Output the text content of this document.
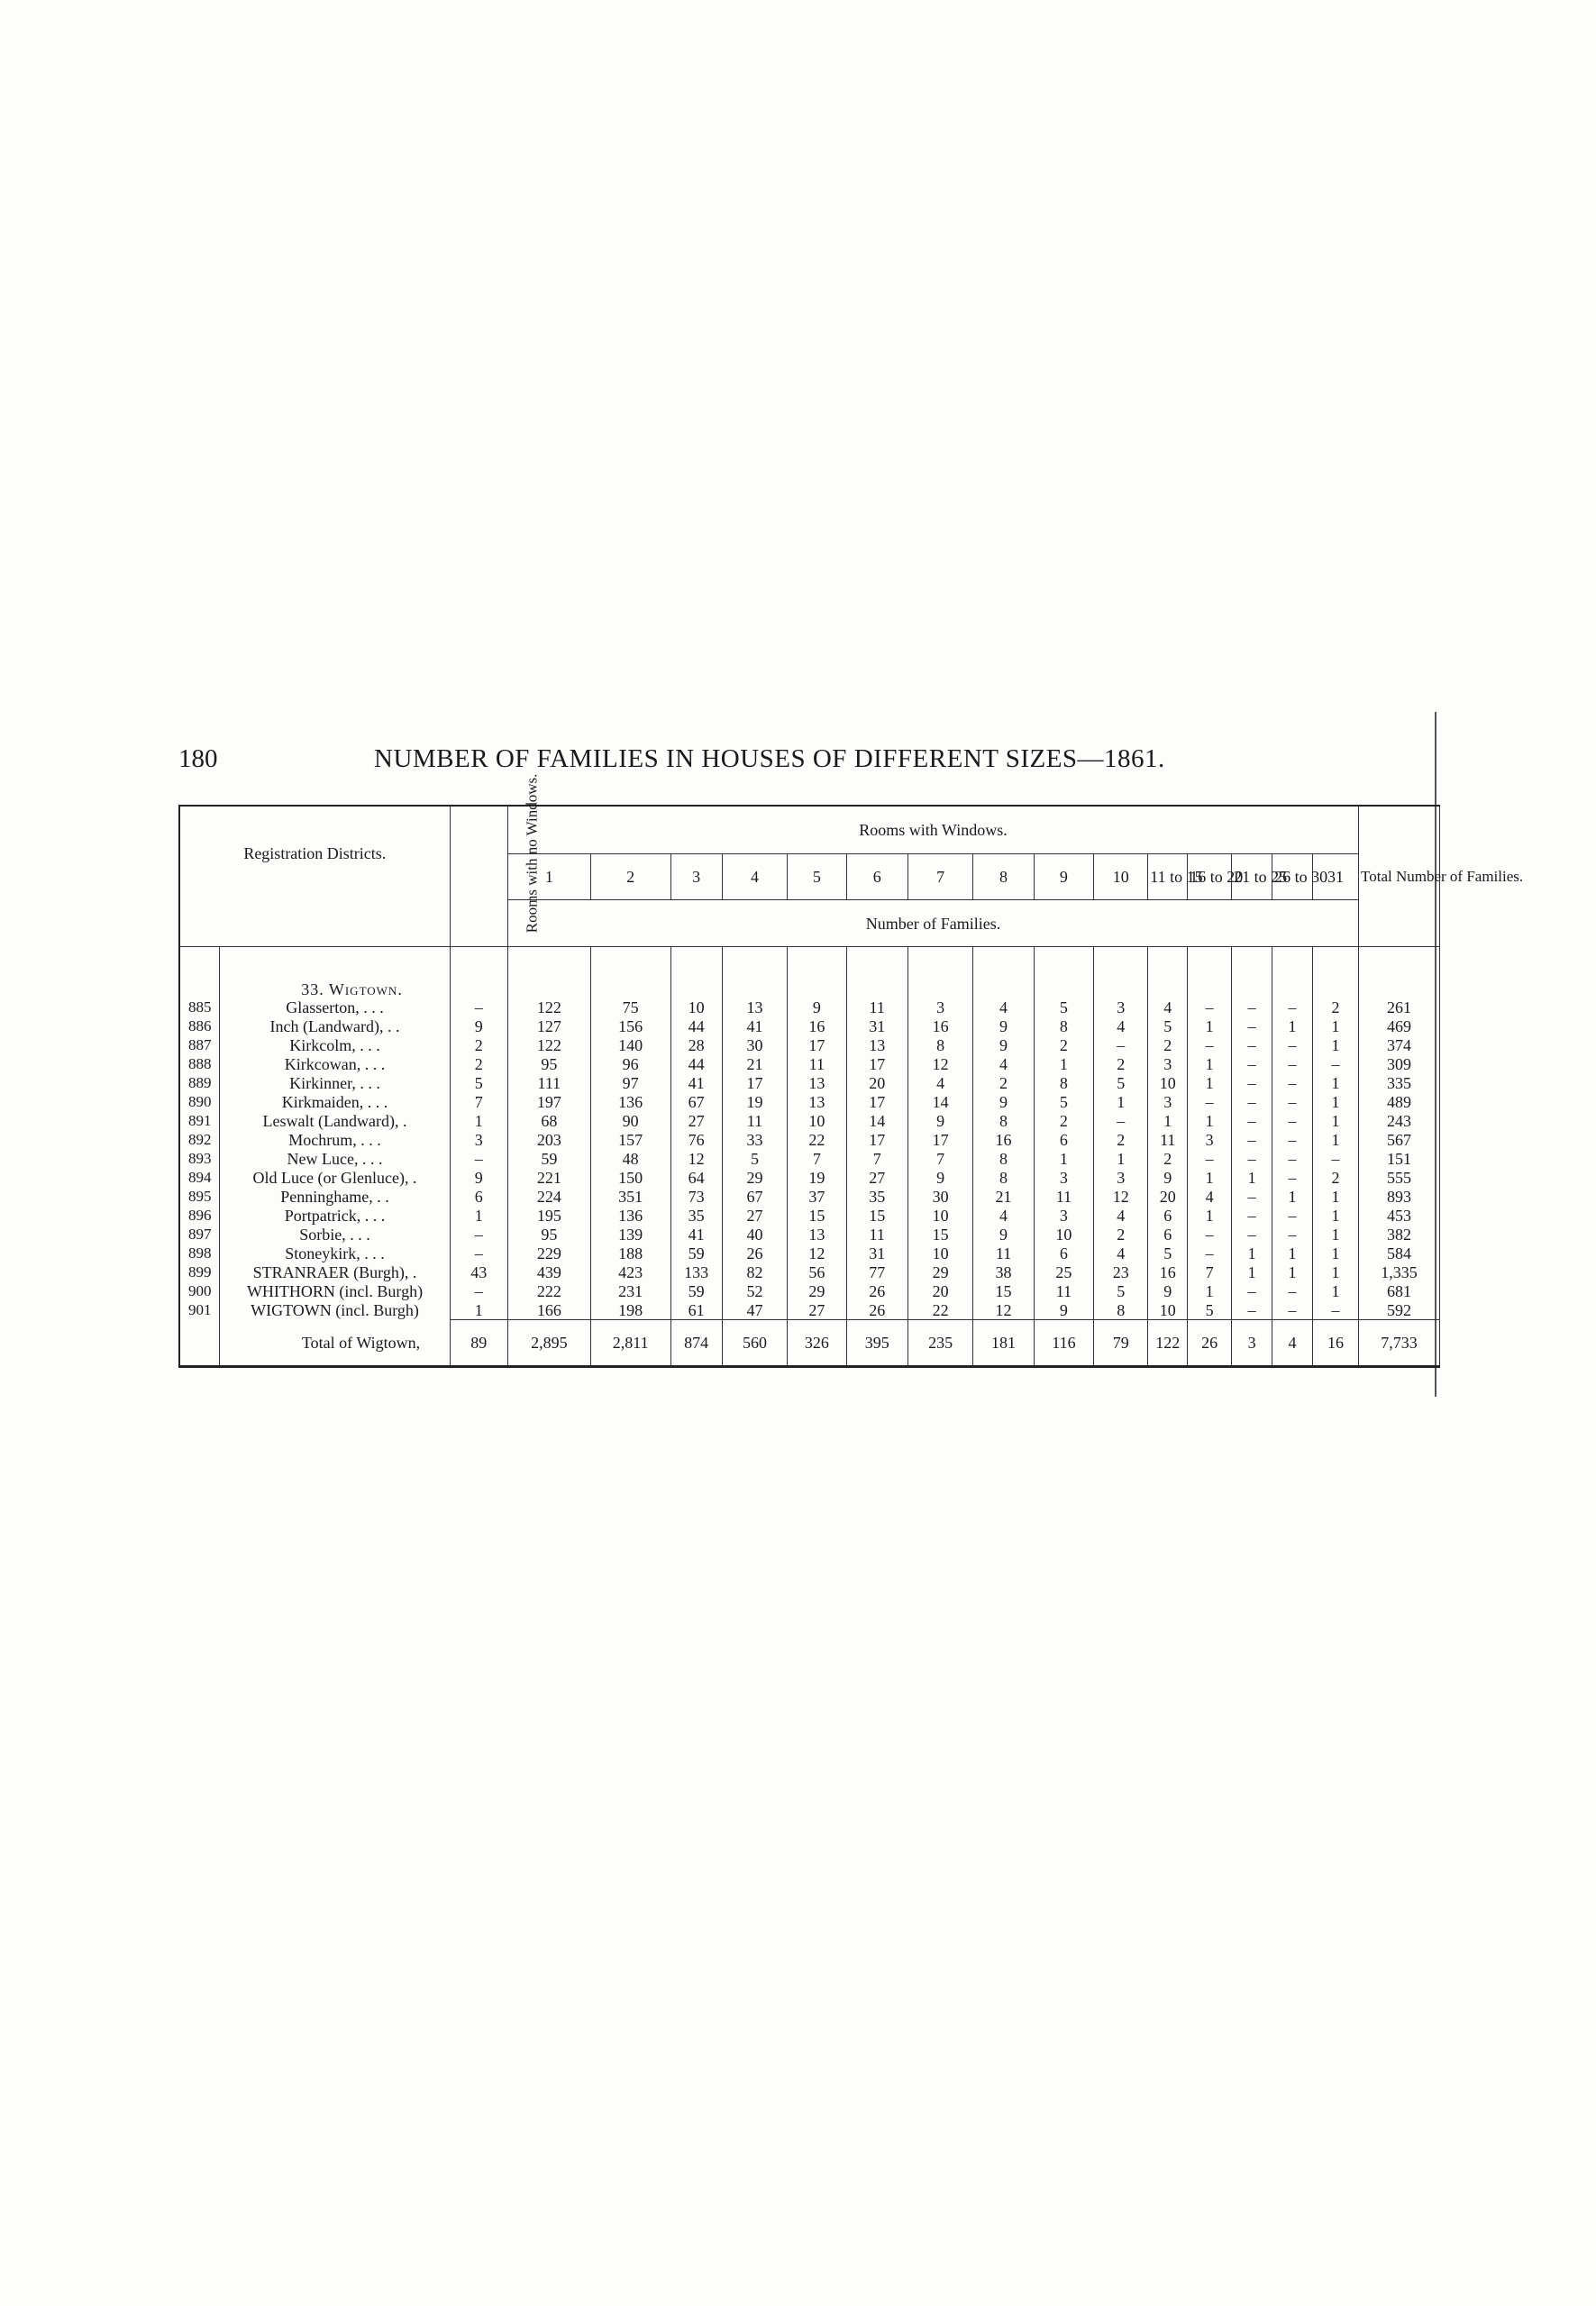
180	NUMBER OF FAMILIES IN HOUSES OF DIFFERENT SIZES—1861.
Registration Districts.		Rooms with no Windows.	Rooms with Windows.															Total Number of Families.
			1	2	3	4	5	6	7	8	9	10	11 to 15	16 to 20	21 to 25	26 to 30	31	
			Number of Families.															

	33. Wigtown.																	
885	Glasserton, . . .	–	122	75	10	13	9	11	3	4	5	3	4	–	–	–	2	261
886	Inch (Landward), . .	9	127	156	44	41	16	31	16	9	8	4	5	1	–	1	1	469
887	Kirkcolm, . . .	2	122	140	28	30	17	13	8	9	2	–	2	–	–	–	1	374
888	Kirkcowan, . . .	2	95	96	44	21	11	17	12	4	1	2	3	1	–	–	–	309
889	Kirkinner, . . .	5	111	97	41	17	13	20	4	2	8	5	10	1	–	–	1	335
890	Kirkmaiden, . . .	7	197	136	67	19	13	17	14	9	5	1	3	–	–	–	1	489
891	Leswalt (Landward), .	1	68	90	27	11	10	14	9	8	2	–	1	1	–	–	1	243
892	Mochrum, . . .	3	203	157	76	33	22	17	17	16	6	2	11	3	–	–	1	567
893	New Luce, . . .	–	59	48	12	5	7	7	7	8	1	1	2	–	–	–	–	151
894	Old Luce (or Glenluce), .	9	221	150	64	29	19	27	9	8	3	3	9	1	1	–	2	555
895	Penninghame, . .	6	224	351	73	67	37	35	30	21	11	12	20	4	–	1	1	893
896	Portpatrick, . . .	1	195	136	35	27	15	15	10	4	3	4	6	1	–	–	1	453
897	Sorbie, . . .	–	95	139	41	40	13	11	15	9	10	2	6	–	–	–	1	382
898	Stoneykirk, . . .	–	229	188	59	26	12	31	10	11	6	4	5	–	1	1	1	584
899	STRANRAER (Burgh), .	43	439	423	133	82	56	77	29	38	25	23	16	7	1	1	1	1,335
900	WHITHORN (incl. Burgh)	–	222	231	59	52	29	26	20	15	11	5	9	1	–	–	1	681
901	WIGTOWN (incl. Burgh)	1	166	198	61	47	27	26	22	12	9	8	10	5	–	–	–	592
	Total of Wigtown,	89	2,895	2,811	874	560	326	395	235	181	116	79	122	26	3	4	16	7,733
